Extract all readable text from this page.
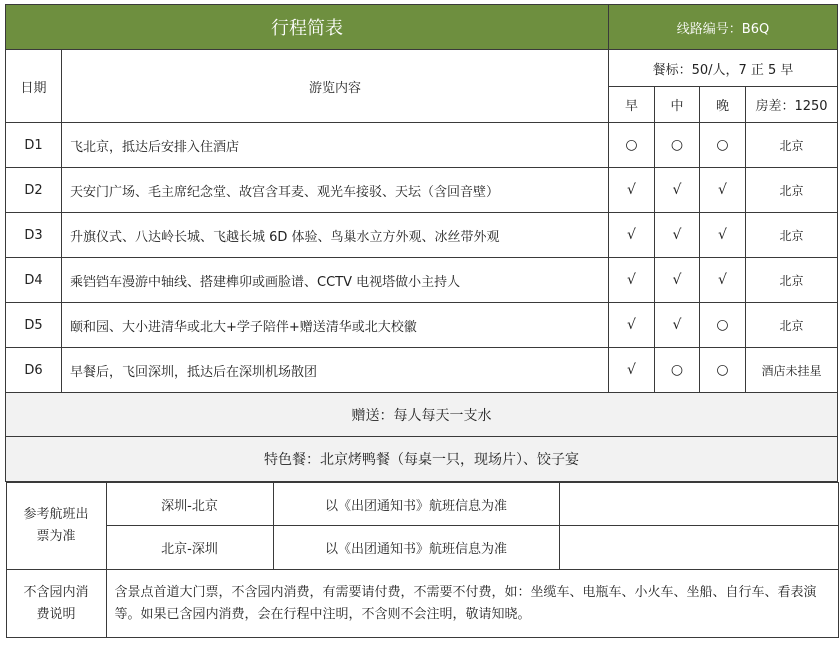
行程简表	线路编号：B6Q
日期	游览内容	餐标：50/人，7 正 5 早
早	中	晚	房差：1250
D1	飞北京，抵达后安排入住酒店	○	○	○	北京
D2	天安门广场、毛主席纪念堂、故宫含耳麦、观光车接驳、天坛（含回音壁）	√	√	√	北京
D3	升旗仪式、八达岭长城、飞越长城 6D 体验、鸟巢水立方外观、冰丝带外观	√	√	√	北京
D4	乘铛铛车漫游中轴线、搭建榫卯或画脸谱、CCTV 电视塔做小主持人	√	√	√	北京
D5	颐和园、大小进清华或北大+学子陪伴+赠送清华或北大校徽	√	√	○	北京
D6	早餐后，飞回深圳，抵达后在深圳机场散团	√	○	○	酒店未挂星
赠送：每人每天一支水
特色餐：北京烤鸭餐（每桌一只，现场片）、饺子宴

参考航班出票为准	深圳-北京	以《出团通知书》航班信息为准	
北京-深圳	以《出团通知书》航班信息为准	
不含园内消费说明	含景点首道大门票，不含园内消费，有需要请付费，不需要不付费，如：坐缆车、电瓶车、小火车、坐船、自行车、看表演等。如果已含园内消费，会在行程中注明，不含则不会注明，敬请知晓。
